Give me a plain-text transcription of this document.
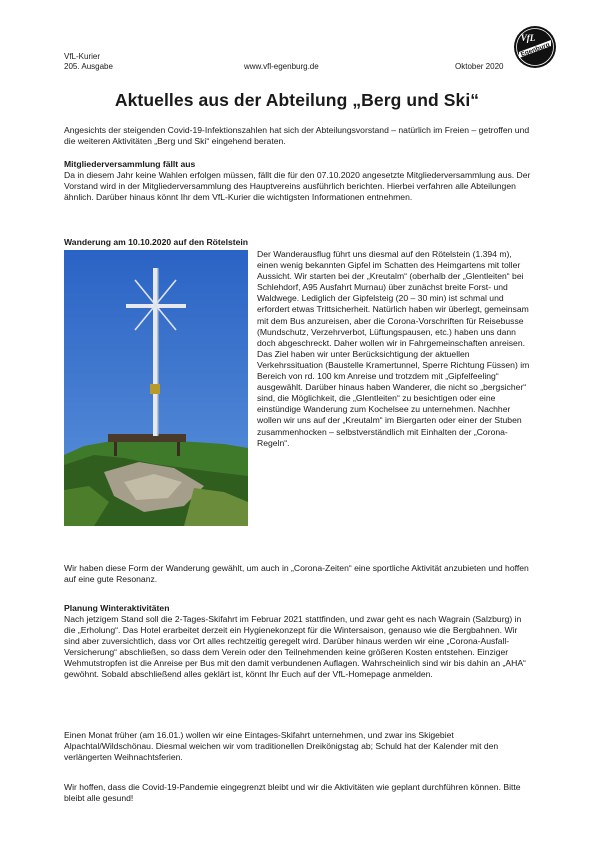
VfL-Kurier
205. Ausgabe	www.vfl-egenburg.de	Oktober 2020
Egenburg
VfL
Aktuelles aus der Abteilung „Berg und Ski“

Angesichts der steigenden Covid-19-Infektionszahlen hat sich der Abteilungsvorstand – natürlich im Freien – getroffen und die weiteren Aktivitäten „Berg und Ski“ eingehend beraten.

Mitgliederversammlung fällt aus

Da in diesem Jahr keine Wahlen erfolgen müssen, fällt die für den 07.10.2020 angesetzte Mitgliederversammlung aus. Der Vorstand wird in der Mitgliederversammlung des Hauptvereins ausführlich berichten. Hierbei verfahren alle Abteilungen ähnlich. Darüber hinaus könnt Ihr dem VfL-Kurier die wichtigsten Informationen entnehmen.

Wanderung am 10.10.2020 auf den Rötelstein

Der Wanderausflug führt uns diesmal auf den Rötelstein (1.394 m), einen wenig bekannten Gipfel im Schatten des Heimgartens mit toller Aussicht. Wir starten bei der „Kreutalm“ (oberhalb der „Glentleiten“ bei Schlehdorf, A95 Ausfahrt Murnau) über zunächst breite Forst- und Waldwege. Lediglich der Gipfelsteig (20 – 30 min) ist schmal und erfordert etwas Trittsicherheit. Natürlich haben wir überlegt, gemeinsam mit dem Bus anzureisen, aber die Corona-Vorschriften für Reisebusse (Mundschutz, Verzehrverbot, Lüftungspausen, etc.) haben uns dann doch abgeschreckt. Daher wollen wir in Fahrgemeinschaften anreisen. Das Ziel haben wir unter Berücksichtigung der aktuellen Verkehrssituation (Baustelle Kramertunnel, Sperre Richtung Füssen) im Bereich von rd. 100 km Anreise und trotzdem mit „Gipfelfeeling“ ausgewählt. Darüber hinaus haben Wanderer, die nicht so „bergsicher“ sind, die Möglichkeit, die „Glentleiten“ zu besichtigen oder eine einstündige Wanderung zum Kochelsee zu unternehmen. Nachher wollen wir uns auf der „Kreutalm“ im Biergarten oder einer der Stuben zusammenhocken – selbstverständlich mit Einhalten der „Corona-Regeln“.

Wir haben diese Form der Wanderung gewählt, um auch in „Corona-Zeiten“ eine sportliche Aktivität anzubieten und hoffen auf eine gute Resonanz.

Planung Winteraktivitäten

Nach jetzigem Stand soll die 2-Tages-Skifahrt im Februar 2021 stattfinden, und zwar geht es nach Wagrain (Salzburg) in die „Erholung“. Das Hotel erarbeitet derzeit ein Hygienekonzept für die Wintersaison, genauso wie die Bergbahnen. Wir sind aber zuversichtlich, dass vor Ort alles rechtzeitig geregelt wird. Darüber hinaus werden wir eine „Corona-Ausfall-Versicherung“ abschließen, so dass dem Verein oder den Teilnehmenden keine größeren Kosten entstehen. Einziger Wehmutstropfen ist die Anreise per Bus mit den damit verbundenen Auflagen. Wahrscheinlich sind wir bis dahin an „AHA“ gewöhnt. Sobald abschließend alles geklärt ist, könnt Ihr Euch auf der VfL-Homepage anmelden.

Einen Monat früher (am 16.01.) wollen wir eine Eintages-Skifahrt unternehmen, und zwar ins Skigebiet Alpachtal/Wildschönau. Diesmal weichen wir vom traditionellen Dreikönigstag ab; Schuld hat der Kalender mit den verlängerten Weihnachtsferien.

Wir hoffen, dass die Covid-19-Pandemie eingegrenzt bleibt und wir die Aktivitäten wie geplant durchführen können. Bitte bleibt alle gesund!
